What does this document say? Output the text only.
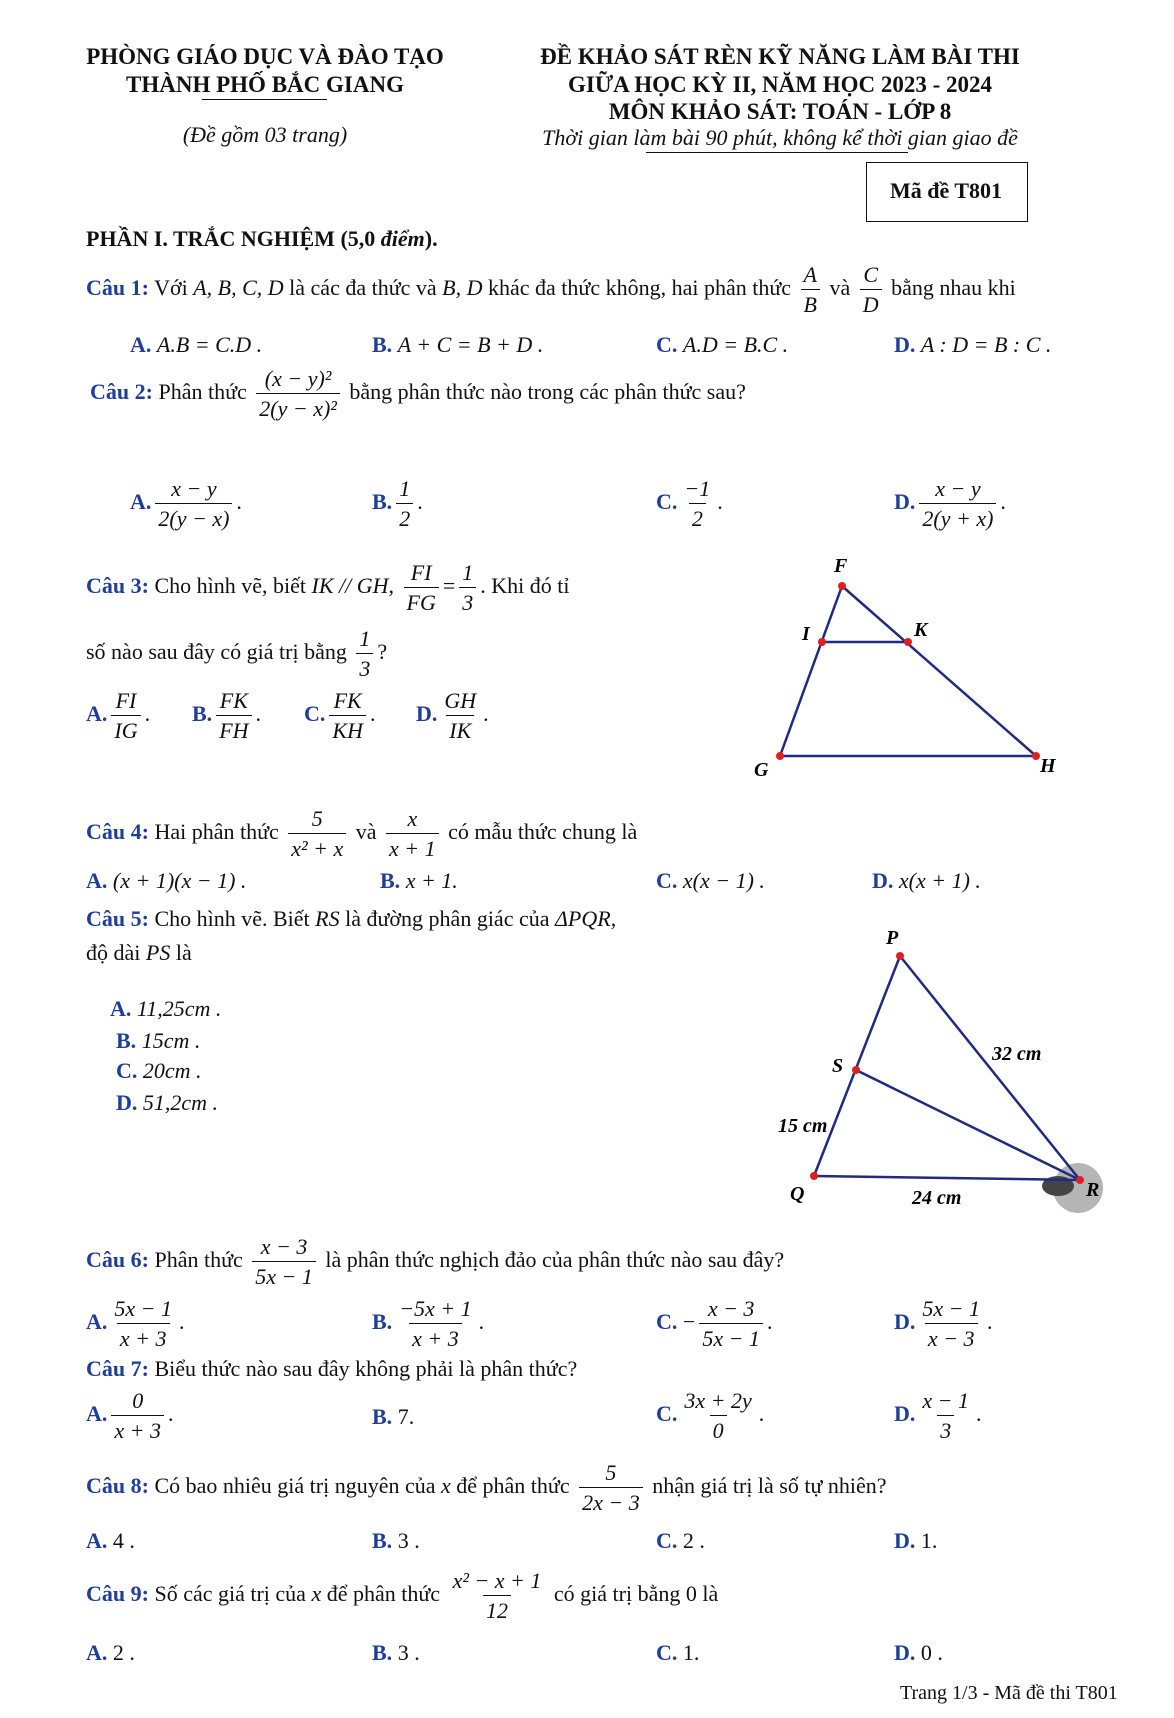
PHÒNG GIÁO DỤC VÀ ĐÀO TẠO
THÀNH PHỐ BẮC GIANG
(Đề gồm 03 trang)
ĐỀ KHẢO SÁT RÈN KỸ NĂNG LÀM BÀI THI
GIỮA HỌC KỲ II, NĂM HỌC 2023 - 2024
MÔN KHẢO SÁT: TOÁN - LỚP 8
Thời gian làm bài 90 phút, không kể thời gian giao đề
Mã đề T801
PHẦN I. TRẮC NGHIỆM (5,0 điểm).
Câu 1: Với A, B, C, D là các đa thức và B, D khác đa thức không, hai phân thức $\frac{A}{B}$ và $\frac{C}{D}$ bằng nhau khi
A. A.B = C.D .	B. A + C = B + D .	C. A.D = B.C .	D. A : D = B : C .
Câu 2: Phân thức $\frac{\text{(x − y)²}}{\text{2(y − x)²}}$ bằng phân thức nào trong các phân thức sau?
A. $\frac{x - y}{2(y - x)}$ .	B. $\frac{1}{2}$ .	C. $\frac{-1}{2}$ .	D. $\frac{x - y}{2(y + x)}$ .
Câu 3: Cho hình vẽ, biết IK // GH, $\frac{FI}{FG} = \frac{1}{3}$ . Khi đó tỉ
số nào sau đây có giá trị bằng $\frac{1}{3}$ ?
A. $\frac{FI}{IG}$ . B. $\frac{FK}{FH}$ . C. $\frac{FK}{KH}$ . D. $\frac{GH}{IK}$ .
F
I	K
G	H
Câu 4: Hai phân thức $\frac{5}{\text{x² + x}}$ và $\frac{x}{x + 1}$ có mẫu thức chung là
A. (x + 1)(x − 1) .	B. x + 1.	C. x(x − 1) .	D. x(x + 1) .
Câu 5: Cho hình vẽ. Biết RS là đường phân giác của ΔPQR,
độ dài PS là
A. 11,25cm .
B. 15cm .
C. 20cm .
D. 51,2cm .
P
S
Q	R
32 cm
15 cm
24 cm
Câu 6: Phân thức $\frac{x - 3}{5x - 1}$ là phân thức nghịch đảo của phân thức nào sau đây?
A. $\frac{5x - 1}{x + 3}$ .	B. $\frac{-5x + 1}{x + 3}$ .	C. − $\frac{x - 3}{5x - 1}$ .	D. $\frac{5x - 1}{x - 3}$ .
Câu 7: Biểu thức nào sau đây không phải là phân thức?
A. $\frac{0}{x + 3}$ .	B. 7.	C. $\frac{3x + 2y}{0}$ .	D. $\frac{x - 1}{3}$ .
Câu 8: Có bao nhiêu giá trị nguyên của x để phân thức $\frac{5}{2x - 3}$ nhận giá trị là số tự nhiên?
A. 4 .	B. 3 .	C. 2 .	D. 1.
Câu 9: Số các giá trị của x để phân thức $\frac{\text{x² − x + 1}}{12}$ có giá trị bằng 0 là
A. 2 .	B. 3 .	C. 1.	D. 0 .
Trang 1/3 - Mã đề thi T801
